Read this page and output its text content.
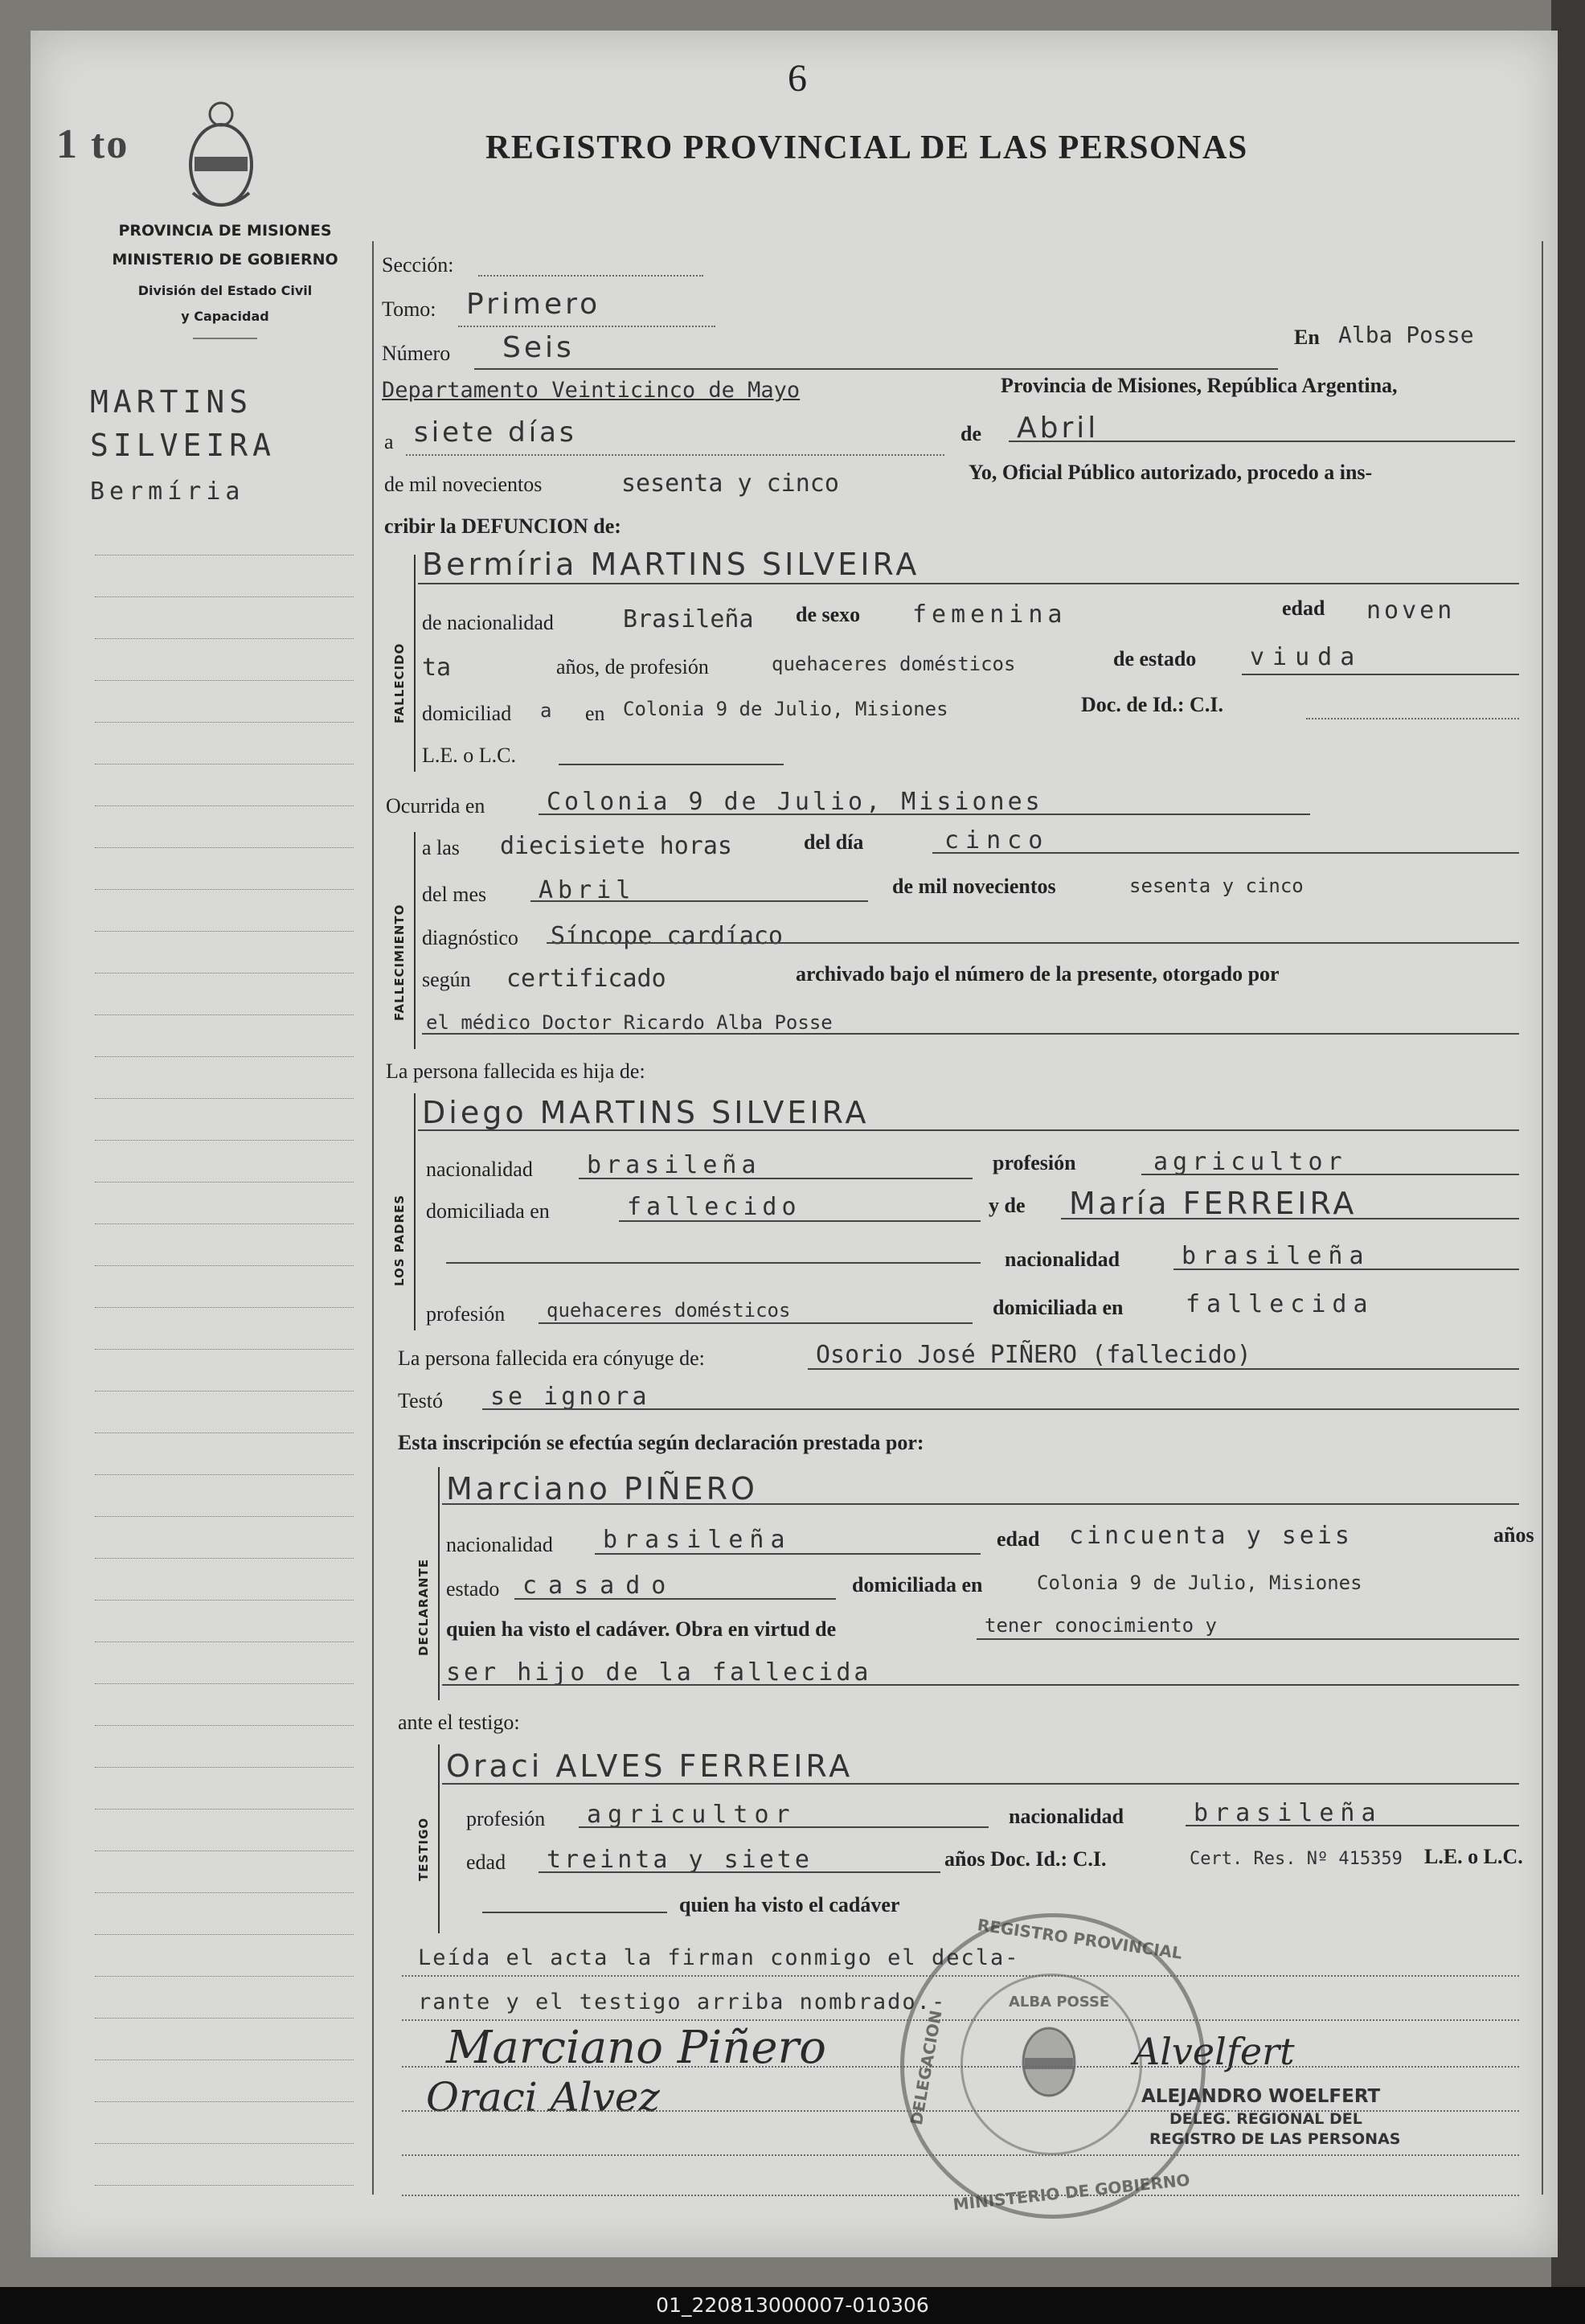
6
1 to	REGISTRO PROVINCIAL DE LAS PERSONAS
PROVINCIA DE MISIONES
MINISTERIO DE GOBIERNO
División del Estado Civil
y Capacidad
MARTINS
SILVEIRA
Bermíria
Sección:
Tomo: Primero
Número Seis	En Alba Posse
Departamento Veinticinco de Mayo	Provincia de Misiones, República Argentina,
a siete días	de Abril
de mil novecientos	sesenta y cinco	Yo, Oficial Público autorizado, procedo a ins-
cribir la DEFUNCION de:
FALLECIDO
Bermíria MARTINS SILVEIRA
de nacionalidad	Brasileña de sexo femenina	edad noven
ta	años, de profesión	quehaceres domésticos	de estado viuda
domiciliad a en Colonia 9 de Julio, Misiones	Doc. de Id.: C.I.
L.E. o L.C.
Ocurrida en	Colonia 9 de Julio, Misiones
FALLECIMIENTO
a las diecisiete horas	del día	cinco
del mes Abril	de mil novecientos	sesenta y cinco
diagnóstico Síncope cardíaco
según certificado	archivado bajo el número de la presente, otorgado por
el médico Doctor Ricardo Alba Posse
La persona fallecida es hija de:
LOS PADRES
Diego MARTINS SILVEIRA
nacionalidad brasileña	profesión	agricultor
domiciliada en	fallecido	y de María FERREIRA
nacionalidad	brasileña
profesión quehaceres domésticos	domiciliada en	fallecida
La persona fallecida era cónyuge de:	Osorio José PIÑERO (fallecido)
Testó se ignora
Esta inscripción se efectúa según declaración prestada por:
DECLARANTE
Marciano PIÑERO
nacionalidad brasileña	edad cincuenta y seis	años
estado casado	domiciliada en	Colonia 9 de Julio, Misiones
quien ha visto el cadáver. Obra en virtud de	tener conocimiento y
ser hijo de la fallecida
ante el testigo:
TESTIGO
Oraci ALVES FERREIRA
profesión agricultor	nacionalidad	brasileña
edad treinta y siete	años Doc. Id.: C.I.	Cert. Res. Nº 415359 L.E. o L.C.
quien ha visto el cadáver
REGISTRO PROVINCIAL
DELEGACION
MINISTERIO DE GOBIERNO
ALBA POSSE
Leída el acta la firman conmigo el decla-
rante y el testigo arriba nombrado.-
Marciano Piñero
Oraci Alvez
Alvelfert
ALEJANDRO WOELFERT
DELEG. REGIONAL DEL
REGISTRO DE LAS PERSONAS
01_220813000007-010306
